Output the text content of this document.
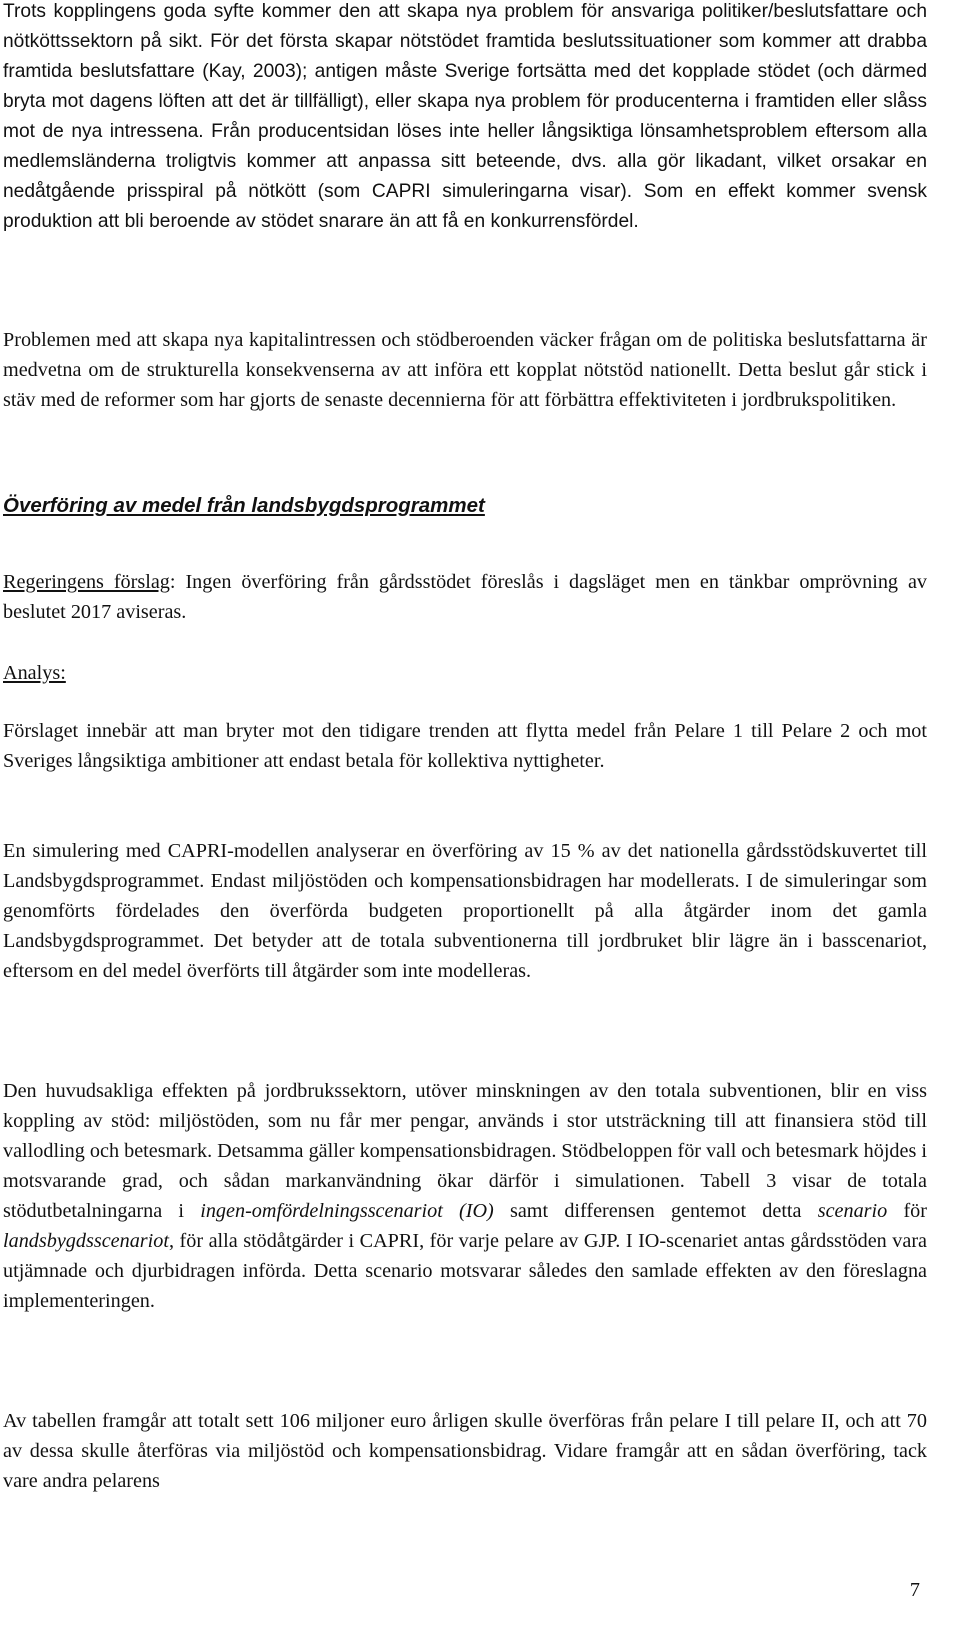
Trots kopplingens goda syfte kommer den att skapa nya problem för ansvariga politiker/beslutsfattare och nötköttssektorn på sikt. För det första skapar nötstödet framtida beslutssituationer som kommer att drabba framtida beslutsfattare (Kay, 2003); antigen måste Sverige fortsätta med det kopplade stödet (och därmed bryta mot dagens löften att det är tillfälligt), eller skapa nya problem för producenterna i framtiden eller slåss mot de nya intressena. Från producentsidan löses inte heller långsiktiga lönsamhetsproblem eftersom alla medlemsländerna troligtvis kommer att anpassa sitt beteende, dvs. alla gör likadant, vilket orsakar en nedåtgående prisspiral på nötkött (som CAPRI simuleringarna visar). Som en effekt kommer svensk produktion att bli beroende av stödet snarare än att få en konkurrensfördel.

Problemen med att skapa nya kapitalintressen och stödberoenden väcker frågan om de politiska beslutsfattarna är medvetna om de strukturella konsekvenserna av att införa ett kopplat nötstöd nationellt. Detta beslut går stick i stäv med de reformer som har gjorts de senaste decennierna för att förbättra effektiviteten i jordbrukspolitiken.

Överföring av medel från landsbygdsprogrammet

Regeringens förslag: Ingen överföring från gårdsstödet föreslås i dagsläget men en tänkbar omprövning av beslutet 2017 aviseras.

Analys:

Förslaget innebär att man bryter mot den tidigare trenden att flytta medel från Pelare 1 till Pelare 2 och mot Sveriges långsiktiga ambitioner att endast betala för kollektiva nyttigheter.

En simulering med CAPRI-modellen analyserar en överföring av 15 % av det nationella gårdsstödskuvertet till Landsbygdsprogrammet. Endast miljöstöden och kompensationsbidragen har modellerats. I de simuleringar som genomförts fördelades den överförda budgeten proportionellt på alla åtgärder inom det gamla Landsbygdsprogrammet. Det betyder att de totala subventionerna till jordbruket blir lägre än i basscenariot, eftersom en del medel överförts till åtgärder som inte modelleras.

Den huvudsakliga effekten på jordbrukssektorn, utöver minskningen av den totala subventionen, blir en viss koppling av stöd: miljöstöden, som nu får mer pengar, används i stor utsträckning till att finansiera stöd till vallodling och betesmark. Detsamma gäller kompensationsbidragen. Stödbeloppen för vall och betesmark höjdes i motsvarande grad, och sådan markanvändning ökar därför i simulationen. Tabell 3 visar de totala stödutbetalningarna i ingen-omfördelningsscenariot (IO) samt differensen gentemot detta scenario för landsbygdsscenariot, för alla stödåtgärder i CAPRI, för varje pelare av GJP. I IO-scenariet antas gårdsstöden vara utjämnade och djurbidragen införda. Detta scenario motsvarar således den samlade effekten av den föreslagna implementeringen.

Av tabellen framgår att totalt sett 106 miljoner euro årligen skulle överföras från pelare I till pelare II, och att 70 av dessa skulle återföras via miljöstöd och kompensationsbidrag. Vidare framgår att en sådan överföring, tack vare andra pelarens

7
